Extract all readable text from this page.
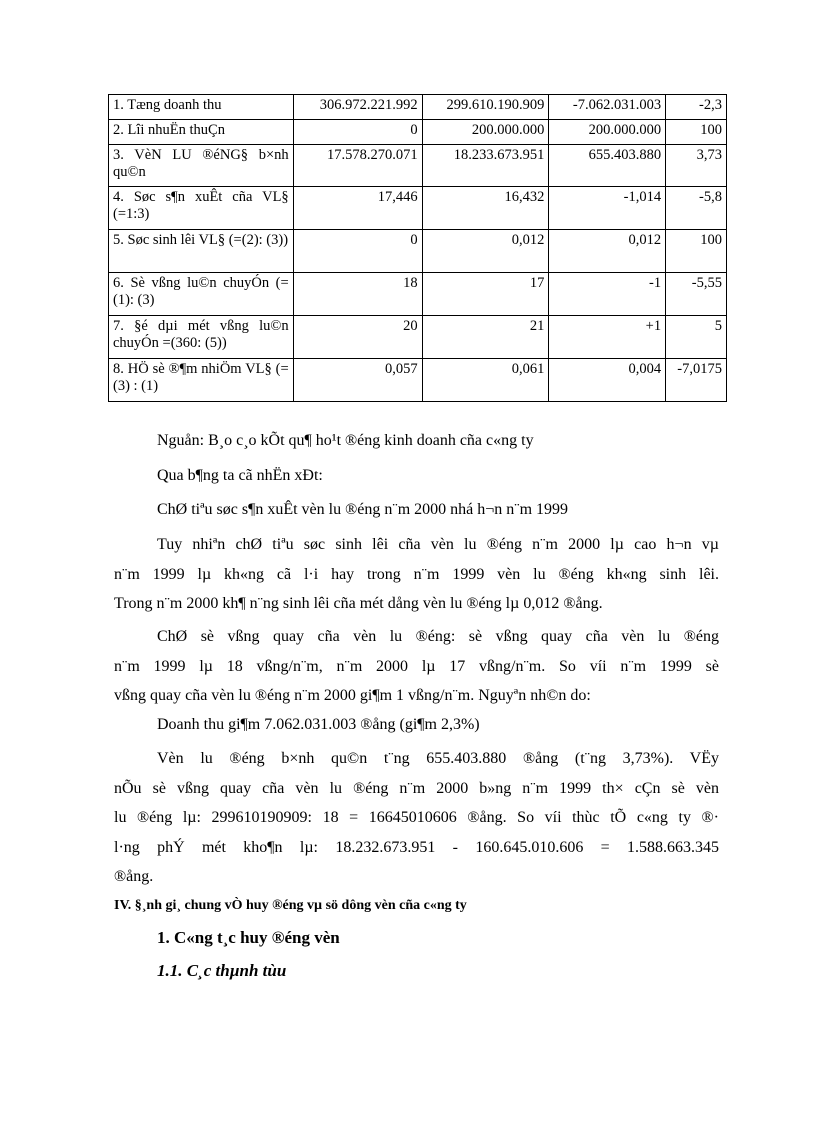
1. Tæng doanh thu	306.972.221.992	299.610.190.909	-7.062.031.003	-2,3
2. Lîi nhuËn thuÇn	0	200.000.000	200.000.000	100
3. VèN LU ®éNG§ b×nh qu©n	17.578.270.071	18.233.673.951	655.403.880	3,73
4. Søc s¶n xuÊt cña VL§ (=1:3)	17,446	16,432	-1,014	-5,8
5. Søc sinh lêi VL§ (=(2): (3))	0	0,012	0,012	100
6. Sè vßng lu©n chuyÓn (=(1): (3)	18	17	-1	-5,55
7. §é dµi mét vßng lu©n chuyÓn =(360: (5))	20	21	+1	5
8. HÖ sè ®¶m nhiÖm VL§ (=(3) : (1)	0,057	0,061	0,004	-7,0175
Nguån: B¸o c¸o kÕt qu¶ ho¹t ®éng kinh doanh cña c«ng ty
Qua b¶ng ta cã nhËn xÐt:
ChØ tiªu søc s¶n xuÊt vèn lu ®éng n¨m 2000 nhá h¬n n¨m 1999
Tuy nhiªn chØ tiªu søc sinh lêi cña vèn lu ®éng n¨m 2000 lµ cao h¬n vµ
n¨m 1999 lµ kh«ng cã l·i hay trong n¨m 1999 vèn lu ®éng kh«ng sinh lêi.
Trong n¨m 2000 kh¶ n¨ng sinh lêi cña mét dång vèn lu ®éng lµ 0,012 ®ång.
ChØ sè vßng quay cña vèn lu ®éng: sè vßng quay cña vèn lu ®éng
n¨m 1999 lµ 18 vßng/n¨m, n¨m 2000 lµ 17 vßng/n¨m. So víi n¨m 1999 sè
vßng quay cña vèn lu ®éng n¨m 2000 gi¶m 1 vßng/n¨m. Nguyªn nh©n do:
Doanh thu gi¶m 7.062.031.003 ®ång (gi¶m 2,3%)
Vèn lu ®éng b×nh qu©n t¨ng 655.403.880 ®ång (t¨ng 3,73%). VËy
nÕu sè vßng quay cña vèn lu ®éng n¨m 2000 b»ng n¨m 1999 th× cÇn sè vèn
lu ®éng lµ: 299610190909: 18 = 16645010606 ®ång. So víi thùc tÕ c«ng ty ®·
l·ng phÝ mét kho¶n lµ: 18.232.673.951 - 160.645.010.606 = 1.588.663.345
®ång.
IV. §¸nh gi¸ chung vÒ huy ®éng vµ sö dông vèn cña c«ng ty
1. C«ng t¸c huy ®éng vèn
1.1. C¸c thµnh tùu
